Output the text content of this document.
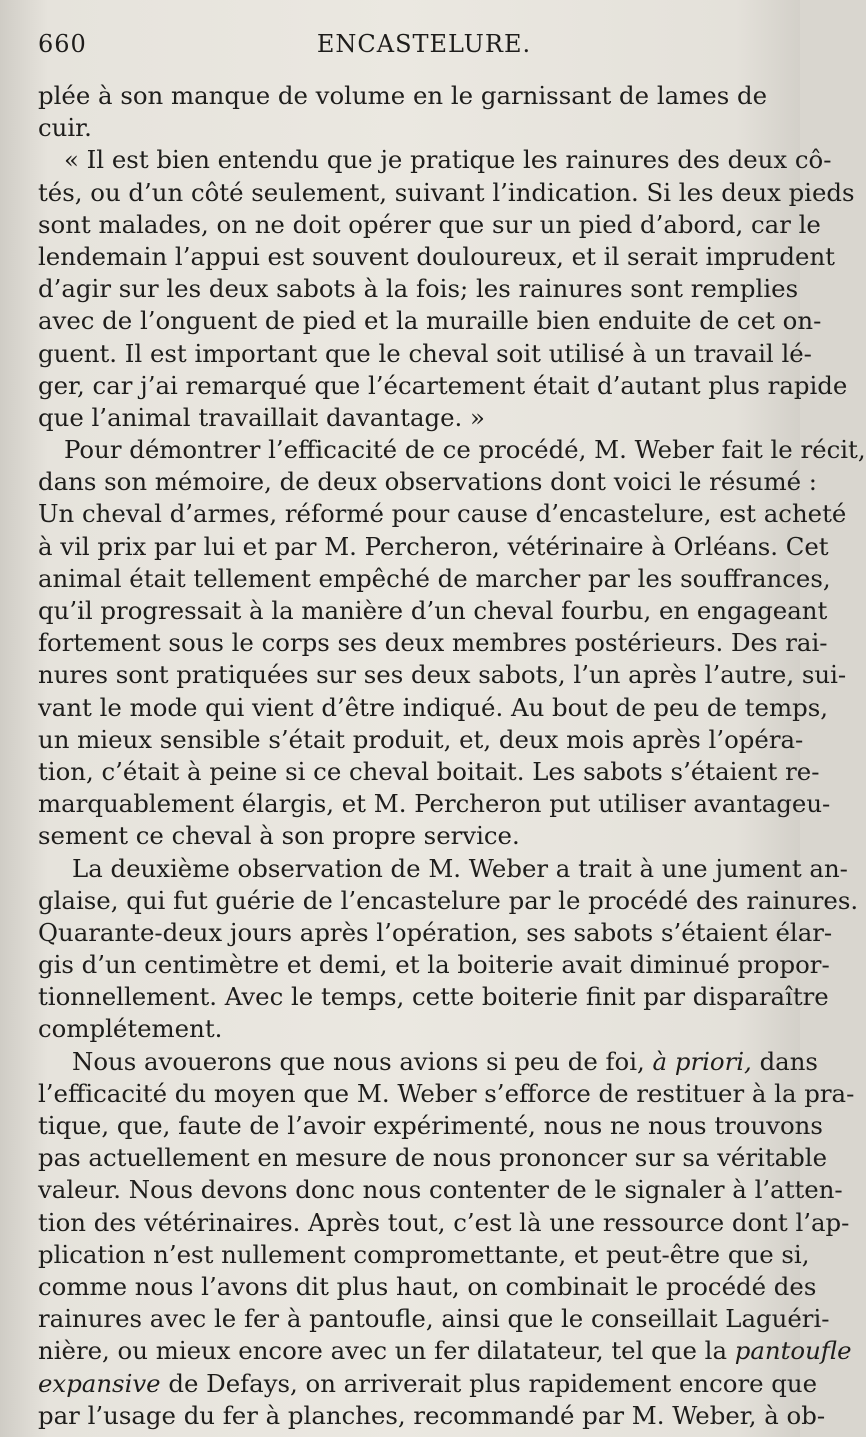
660	ENCASTELURE.
plée à son manque de volume en le garnissant de lames de
cuir.
« Il est bien entendu que je pratique les rainures des deux cô-
tés, ou d’un côté seulement, suivant l’indication. Si les deux pieds
sont malades, on ne doit opérer que sur un pied d’abord, car le
lendemain l’appui est souvent douloureux, et il serait imprudent
d’agir sur les deux sabots à la fois; les rainures sont remplies
avec de l’onguent de pied et la muraille bien enduite de cet on-
guent. Il est important que le cheval soit utilisé à un travail lé-
ger, car j’ai remarqué que l’écartement était d’autant plus rapide
que l’animal travaillait davantage. »
Pour démontrer l’efficacité de ce procédé, M. Weber fait le récit,
dans son mémoire, de deux observations dont voici le résumé :
Un cheval d’armes, réformé pour cause d’encastelure, est acheté
à vil prix par lui et par M. Percheron, vétérinaire à Orléans. Cet
animal était tellement empêché de marcher par les souffrances,
qu’il progressait à la manière d’un cheval fourbu, en engageant
fortement sous le corps ses deux membres postérieurs. Des rai-
nures sont pratiquées sur ses deux sabots, l’un après l’autre, sui-
vant le mode qui vient d’être indiqué. Au bout de peu de temps,
un mieux sensible s’était produit, et, deux mois après l’opéra-
tion, c’était à peine si ce cheval boitait. Les sabots s’étaient re-
marquablement élargis, et M. Percheron put utiliser avantageu-
sement ce cheval à son propre service.
La deuxième observation de M. Weber a trait à une jument an-
glaise, qui fut guérie de l’encastelure par le procédé des rainures.
Quarante-deux jours après l’opération, ses sabots s’étaient élar-
gis d’un centimètre et demi, et la boiterie avait diminué propor-
tionnellement. Avec le temps, cette boiterie finit par disparaître
complétement.
Nous avouerons que nous avions si peu de foi, à priori, dans
l’efficacité du moyen que M. Weber s’efforce de restituer à la pra-
tique, que, faute de l’avoir expérimenté, nous ne nous trouvons
pas actuellement en mesure de nous prononcer sur sa véritable
valeur. Nous devons donc nous contenter de le signaler à l’atten-
tion des vétérinaires. Après tout, c’est là une ressource dont l’ap-
plication n’est nullement compromettante, et peut-être que si,
comme nous l’avons dit plus haut, on combinait le procédé des
rainures avec le fer à pantoufle, ainsi que le conseillait Laguéri-
nière, ou mieux encore avec un fer dilatateur, tel que la pantoufle
expansive de Defays, on arriverait plus rapidement encore que
par l’usage du fer à planches, recommandé par M. Weber, à ob-
